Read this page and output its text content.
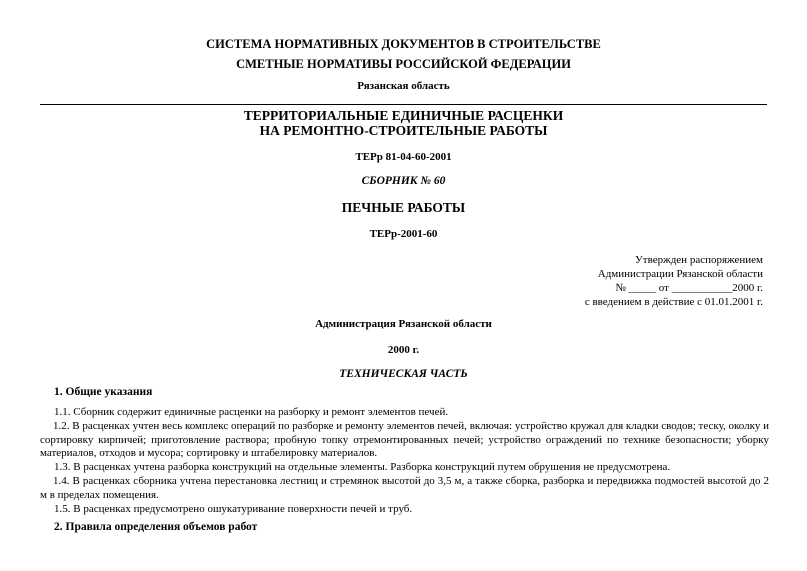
СИСТЕМА НОРМАТИВНЫХ ДОКУМЕНТОВ В СТРОИТЕЛЬСТВЕ
СМЕТНЫЕ НОРМАТИВЫ РОССИЙСКОЙ ФЕДЕРАЦИИ
Рязанская область
ТЕРРИТОРИАЛЬНЫЕ ЕДИНИЧНЫЕ РАСЦЕНКИ
НА РЕМОНТНО-СТРОИТЕЛЬНЫЕ РАБОТЫ
ТЕРр 81-04-60-2001
СБОРНИК № 60
ПЕЧНЫЕ РАБОТЫ
ТЕРр-2001-60
Утвержден распоряжением
Администрации Рязанской области
№ _____ от ___________2000 г.
с введением в действие с 01.01.2001 г.
Администрация Рязанской области
2000 г.
ТЕХНИЧЕСКАЯ ЧАСТЬ
1. Общие указания
1.1. Сборник содержит единичные расценки на разборку и ремонт элементов печей.
1.2. В расценках учтен весь комплекс операций по разборке и ремонту элементов печей, включая: устройство кружал для кладки сводов; теску, околку и сортировку кирпичей; приготовление раствора; пробную топку отремонтированных печей; устройство ограждений по технике безопасности; уборку материалов, отходов и мусора; сортировку и штабелировку материалов.
1.3. В расценках учтена разборка конструкций на отдельные элементы. Разборка конструкций путем обрушения не предусмотрена.
1.4. В расценках сборника учтена перестановка лестниц и стремянок высотой до 3,5 м, а также сборка, разборка и передвижка подмостей высотой до 2 м в пределах помещения.
1.5. В расценках предусмотрено ошукатуривание поверхности печей и труб.
2. Правила определения объемов работ
